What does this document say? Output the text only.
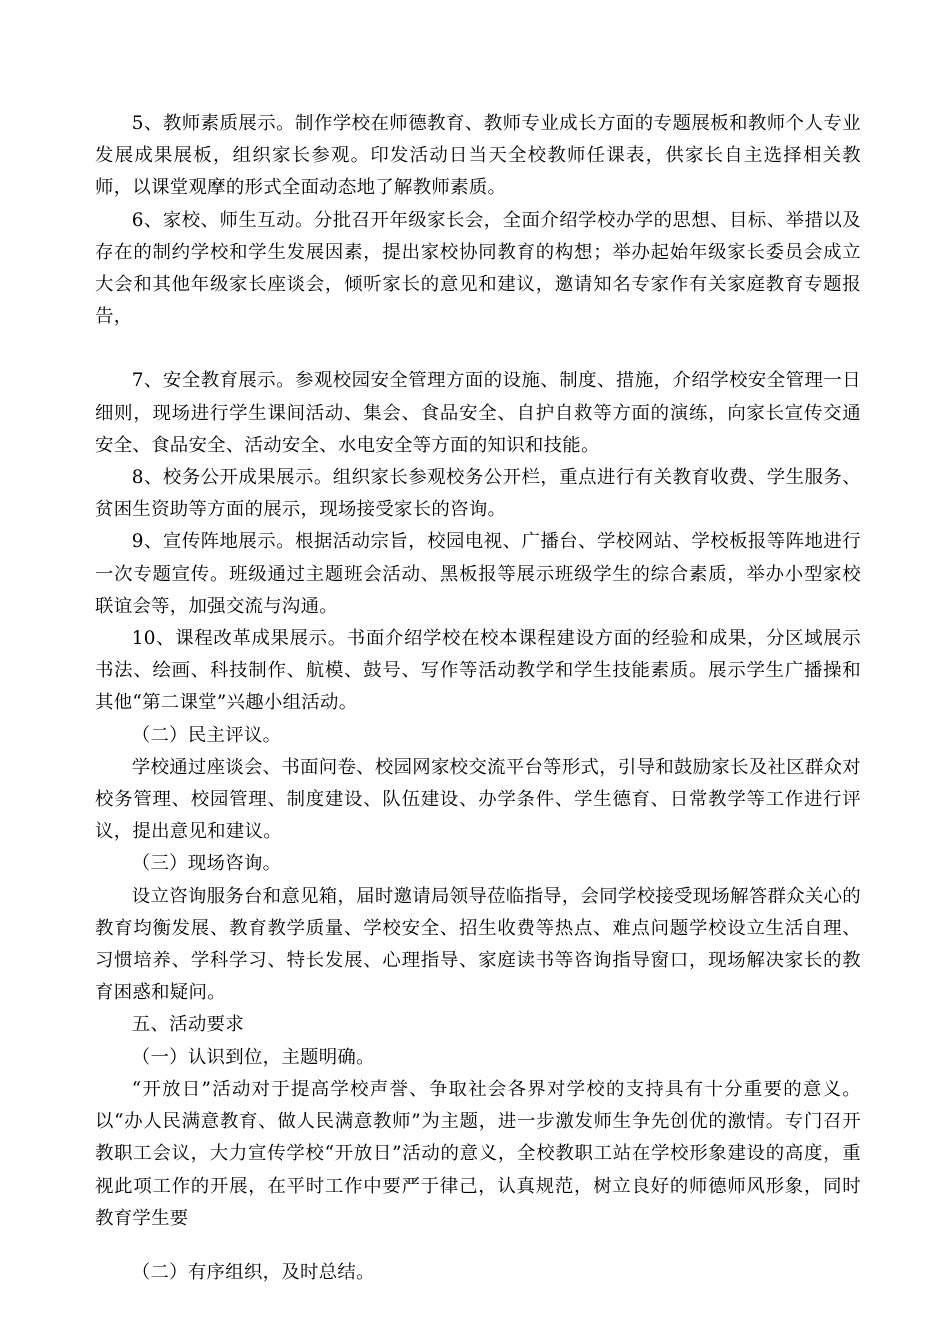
5、教师素质展示。制作学校在师德教育、教师专业成长方面的专题展板和教师个人专业发展成果展板，组织家长参观。印发活动日当天全校教师任课表，供家长自主选择相关教师，以课堂观摩的形式全面动态地了解教师素质。

6、家校、师生互动。分批召开年级家长会，全面介绍学校办学的思想、目标、举措以及存在的制约学校和学生发展因素，提出家校协同教育的构想；举办起始年级家长委员会成立大会和其他年级家长座谈会，倾听家长的意见和建议，邀请知名专家作有关家庭教育专题报告，

7、安全教育展示。参观校园安全管理方面的设施、制度、措施，介绍学校安全管理一日细则，现场进行学生课间活动、集会、食品安全、自护自救等方面的演练，向家长宣传交通安全、食品安全、活动安全、水电安全等方面的知识和技能。

8、校务公开成果展示。组织家长参观校务公开栏，重点进行有关教育收费、学生服务、贫困生资助等方面的展示，现场接受家长的咨询。

9、宣传阵地展示。根据活动宗旨，校园电视、广播台、学校网站、学校板报等阵地进行一次专题宣传。班级通过主题班会活动、黑板报等展示班级学生的综合素质，举办小型家校联谊会等，加强交流与沟通。

10、课程改革成果展示。书面介绍学校在校本课程建设方面的经验和成果，分区域展示书法、绘画、科技制作、航模、鼓号、写作等活动教学和学生技能素质。展示学生广播操和其他“第二课堂”兴趣小组活动。

（二）民主评议。

学校通过座谈会、书面问卷、校园网家校交流平台等形式，引导和鼓励家长及社区群众对校务管理、校园管理、制度建设、队伍建设、办学条件、学生德育、日常教学等工作进行评议，提出意见和建议。

（三）现场咨询。

设立咨询服务台和意见箱，届时邀请局领导莅临指导，会同学校接受现场解答群众关心的教育均衡发展、教育教学质量、学校安全、招生收费等热点、难点问题学校设立生活自理、习惯培养、学科学习、特长发展、心理指导、家庭读书等咨询指导窗口，现场解决家长的教育困惑和疑问。

五、活动要求

（一）认识到位，主题明确。

“开放日”活动对于提高学校声誉、争取社会各界对学校的支持具有十分重要的意义。以“办人民满意教育、做人民满意教师”为主题，进一步激发师生争先创优的激情。专门召开教职工会议，大力宣传学校“开放日”活动的意义，全校教职工站在学校形象建设的高度，重视此项工作的开展，在平时工作中要严于律己，认真规范，树立良好的师德师风形象，同时教育学生要

（二）有序组织，及时总结。
